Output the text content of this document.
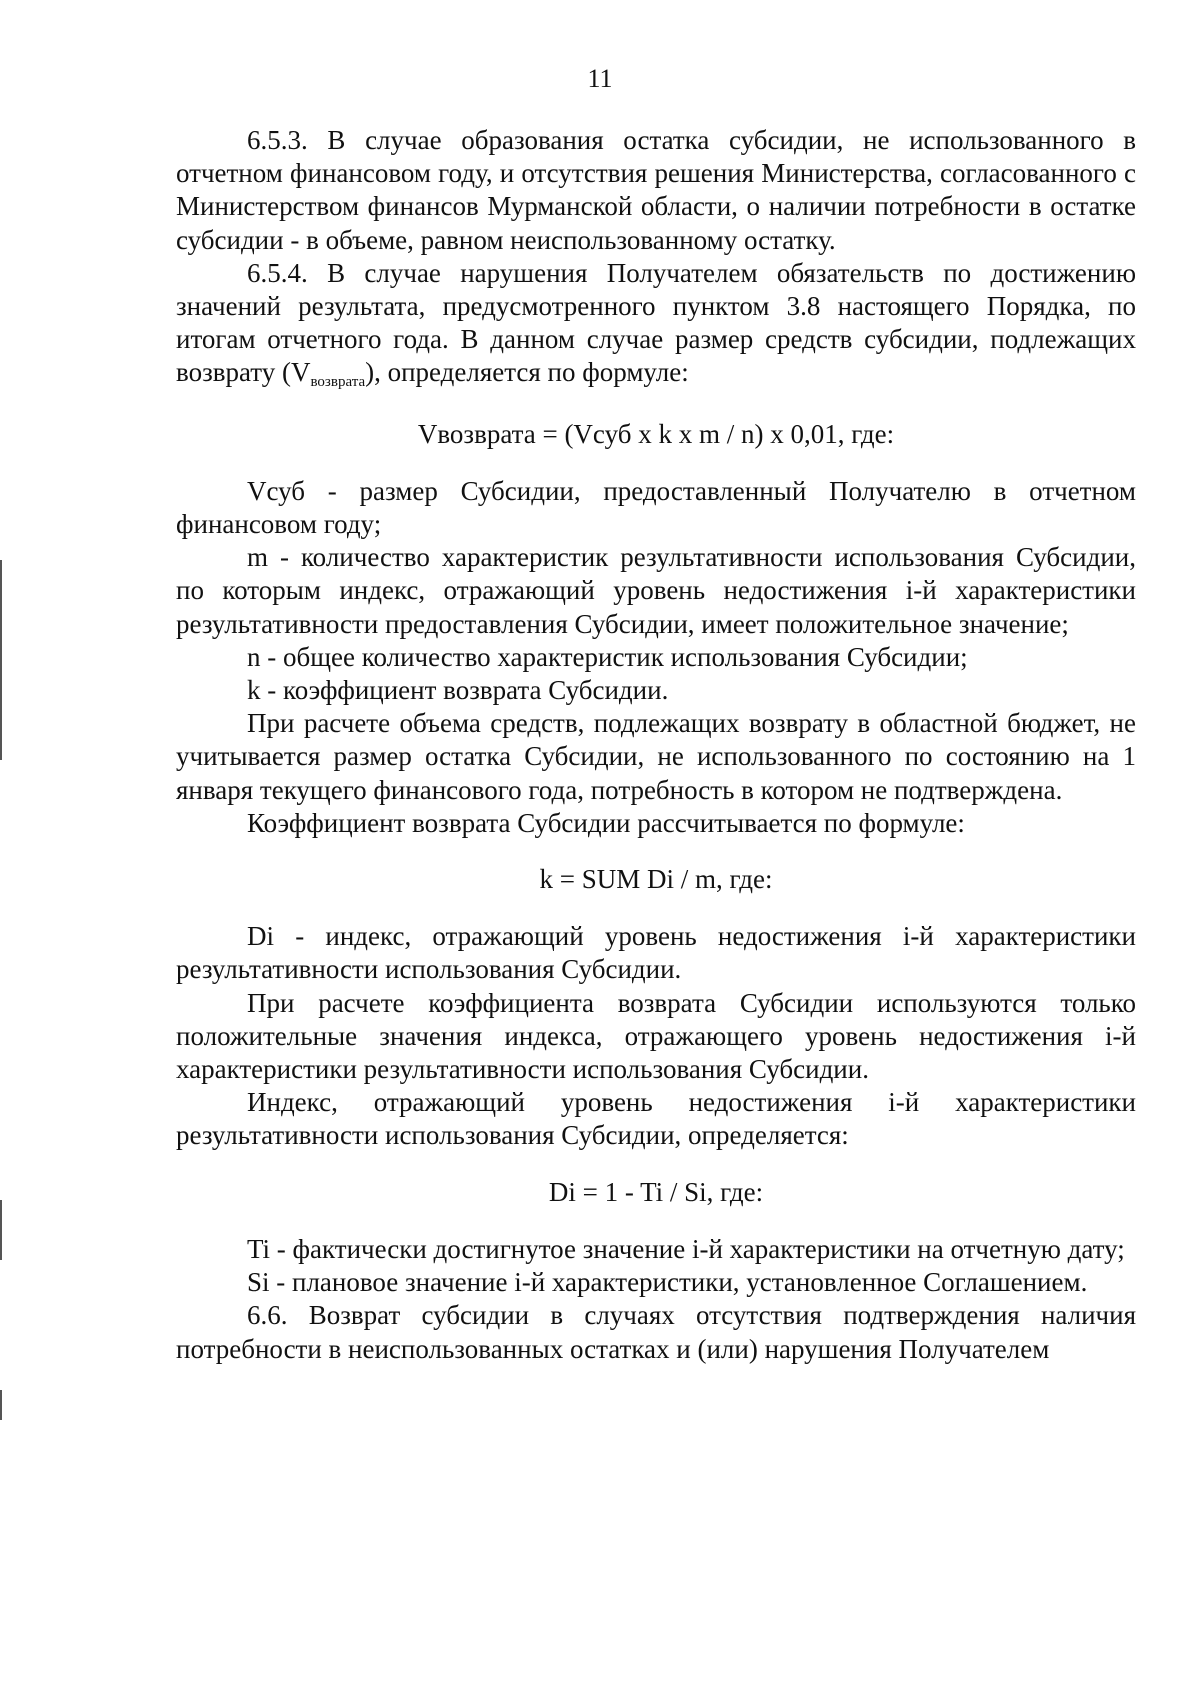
11

6.5.3. В случае образования остатка субсидии, не использованного в отчетном финансовом году, и отсутствия решения Министерства, согласованного с Министерством финансов Мурманской области, о наличии потребности в остатке субсидии - в объеме, равном неиспользованному остатку.

6.5.4. В случае нарушения Получателем обязательств по достижению значений результата, предусмотренного пунктом 3.8 настоящего Порядка, по итогам отчетного года. В данном случае размер средств субсидии, подлежащих возврату (Vвозврата), определяется по формуле:

Vвозврата = (Vсуб x k x m / n) x 0,01, где:

Vсуб - размер Субсидии, предоставленный Получателю в отчетном финансовом году;

m - количество характеристик результативности использования Субсидии, по которым индекс, отражающий уровень недостижения i-й характеристики результативности предоставления Субсидии, имеет положительное значение;

n - общее количество характеристик использования Субсидии;

k - коэффициент возврата Субсидии.

При расчете объема средств, подлежащих возврату в областной бюджет, не учитывается размер остатка Субсидии, не использованного по состоянию на 1 января текущего финансового года, потребность в котором не подтверждена.

Коэффициент возврата Субсидии рассчитывается по формуле:

k = SUM Di / m, где:

Di - индекс, отражающий уровень недостижения i-й характеристики результативности использования Субсидии.

При расчете коэффициента возврата Субсидии используются только положительные значения индекса, отражающего уровень недостижения i-й характеристики результативности использования Субсидии.

Индекс, отражающий уровень недостижения i-й характеристики результативности использования Субсидии, определяется:

Di = 1 - Ti / Si, где:

Ti - фактически достигнутое значение i-й характеристики на отчетную дату;

Si - плановое значение i-й характеристики, установленное Соглашением.

6.6. Возврат субсидии в случаях отсутствия подтверждения наличия потребности в неиспользованных остатках и (или) нарушения Получателем
